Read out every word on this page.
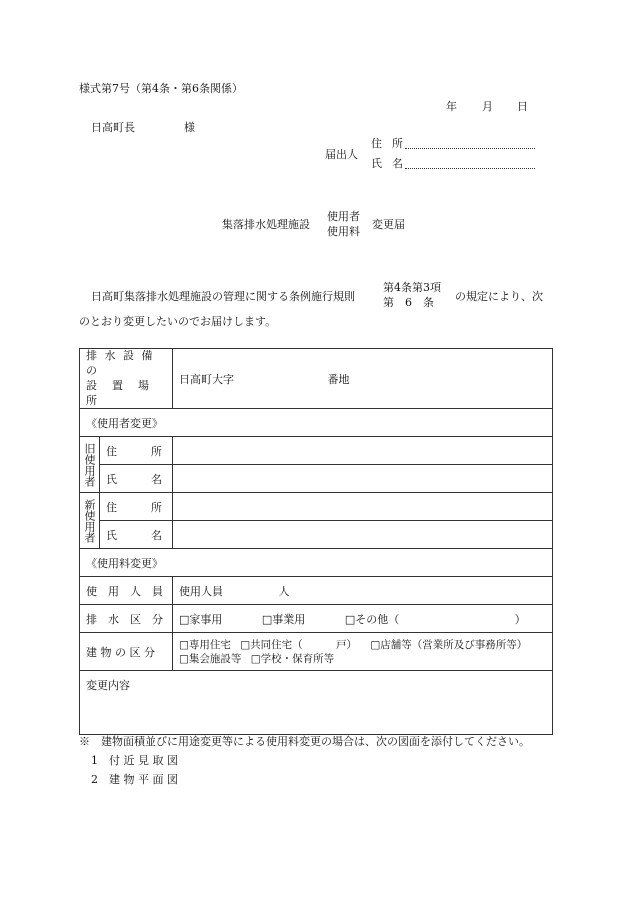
様式第7号（第4条・第6条関係）
年 月 日
日高町長	様
届出人
住 所
氏 名
集落排水処理施設
使用者
使用料
変更届
日高町集落排水処理施設の管理に関する条例施行規則
第4条第3項
第　6　条 の規定により、次
のとおり変更したいのでお届けします。
排 水 設 備 の
設　置　場　所		日高町大字 番地
《使用者変更》		
旧使用者	住 所	

	氏 名	

新使用者	住 所	

	氏 名	

《使用料変更》		
使　用　人　員		使用人員 人
排　水　区　分		□家事用 □事業用 □その他（ ）
建 物 の 区 分		□専用住宅 □共同住宅（ 戸） □店舗等（営業所及び事務所等）
□集会施設等 □学校・保育所等

変更内容		
※　建物面積並びに用途変更等による使用料変更の場合は、次の図面を添付してください。
1　付 近 見 取 図
2　建 物 平 面 図
